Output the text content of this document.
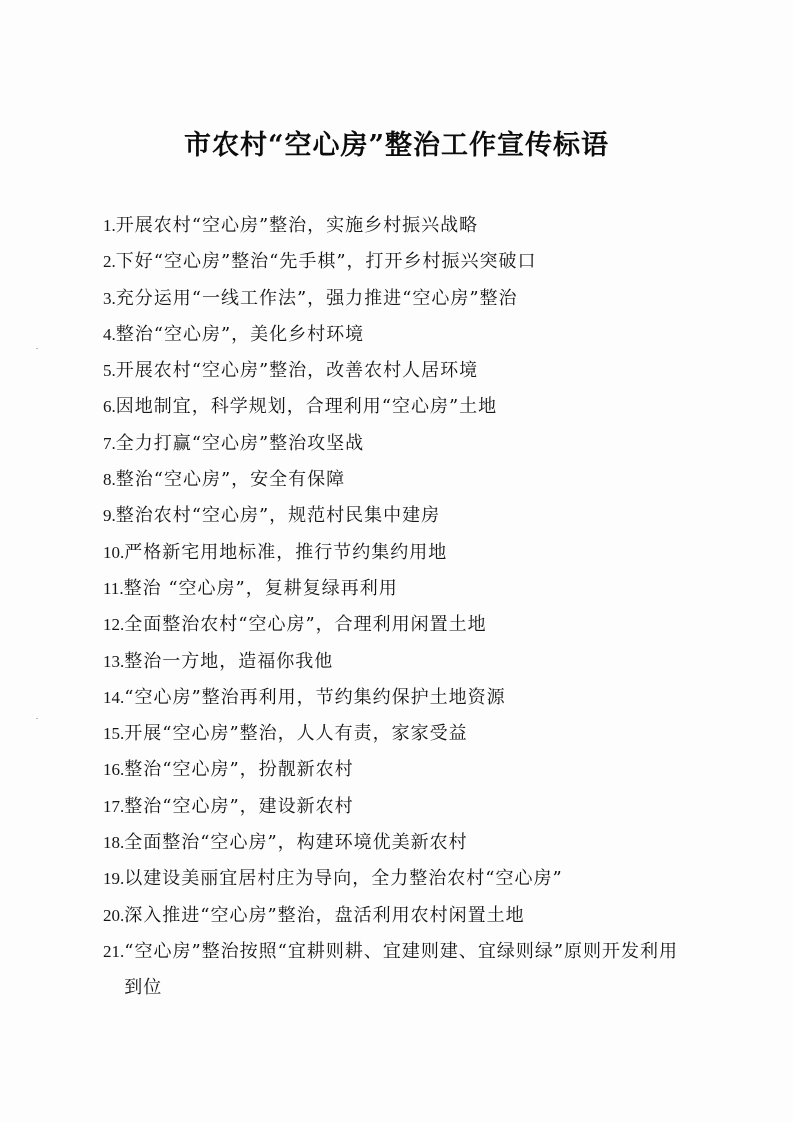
市农村“空心房”整治工作宣传标语
1. 开展农村“空心房”整治，实施乡村振兴战略
2. 下好“空心房”整治“先手棋”，打开乡村振兴突破口
3. 充分运用“一线工作法”，强力推进“空心房”整治
4. 整治“空心房”，美化乡村环境
5. 开展农村“空心房”整治，改善农村人居环境
6. 因地制宜，科学规划，合理利用“空心房”土地
7. 全力打赢“空心房”整治攻坚战
8. 整治“空心房”，安全有保障
9. 整治农村“空心房”，规范村民集中建房
10. 严格新宅用地标准，推行节约集约用地
11. 整治 “空心房”，复耕复绿再利用
12. 全面整治农村“空心房”，合理利用闲置土地
13. 整治一方地，造福你我他
14. “空心房”整治再利用，节约集约保护土地资源
15. 开展“空心房”整治，人人有责，家家受益
16. 整治“空心房”，扮靓新农村
17. 整治“空心房”，建设新农村
18. 全面整治“空心房”，构建环境优美新农村
19. 以建设美丽宜居村庄为导向，全力整治农村“空心房”
20. 深入推进“空心房”整治，盘活利用农村闲置土地
21. “空心房”整治按照“宜耕则耕、宜建则建、宜绿则绿”原则开发利用到位
